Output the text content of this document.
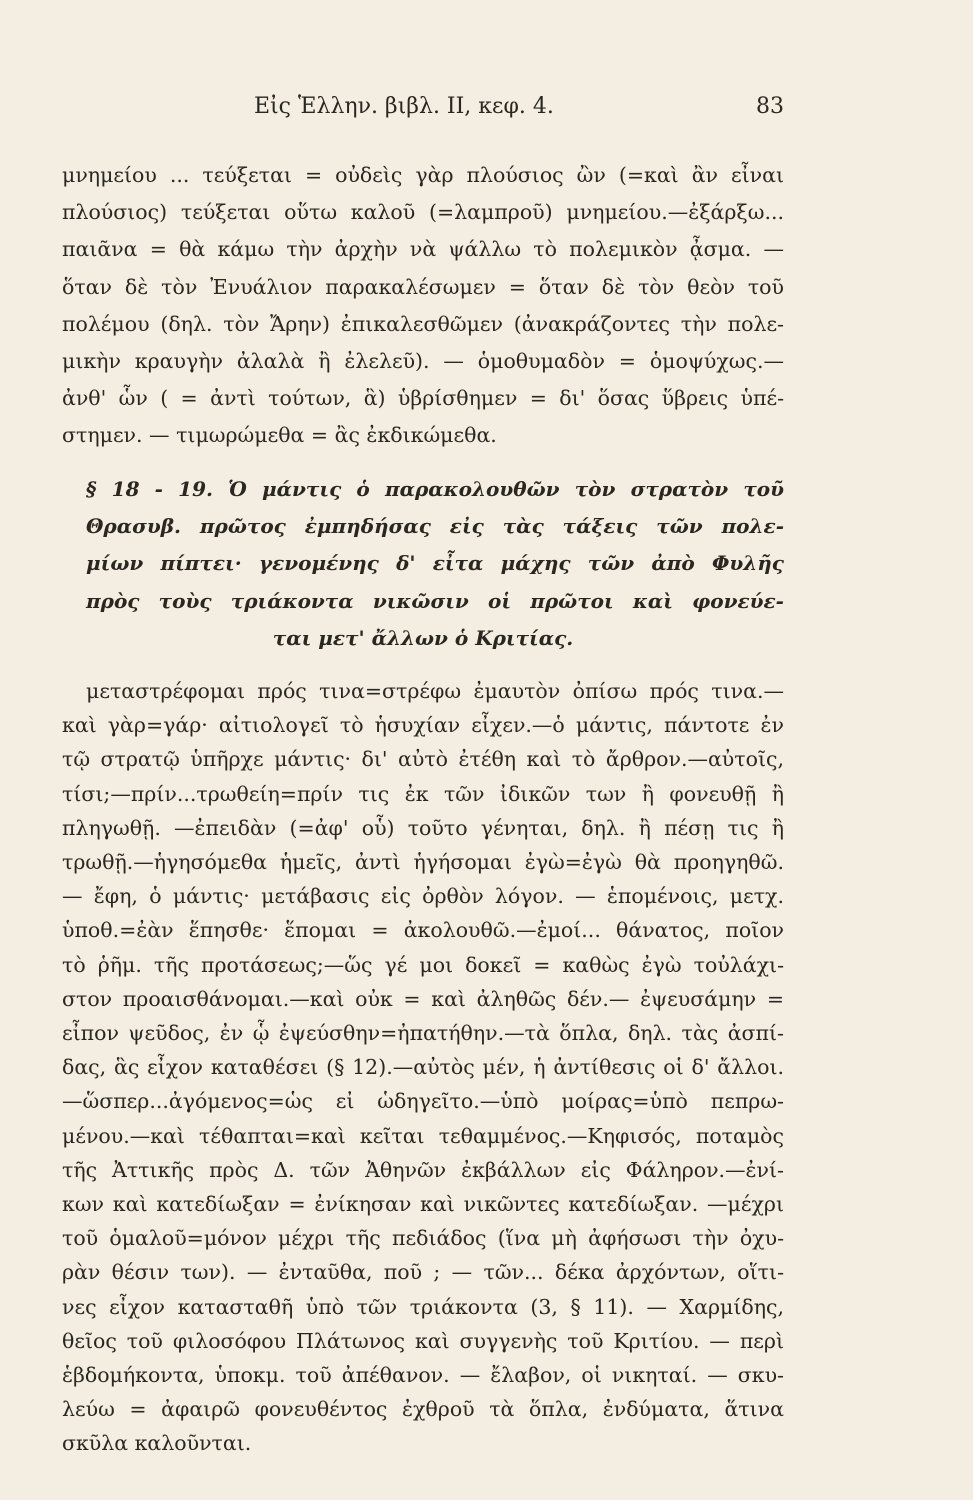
Εἰς Ἑλλην. βιβλ. II, κεφ. 4.	83
μνημείου ... τεύξεται = οὐδεὶς γὰρ πλούσιος ὢν (=καὶ ἂν εἶναι
πλούσιος) τεύξεται οὕτω καλοῦ (=λαμπροῦ) μνημείου.—ἐξάρξω...
παιᾶνα = θὰ κάμω τὴν ἀρχὴν νὰ ψάλλω τὸ πολεμικὸν ᾆσμα. —
ὅταν δὲ τὸν Ἐνυάλιον παρακαλέσωμεν = ὅταν δὲ τὸν θεὸν τοῦ
πολέμου (δηλ. τὸν Ἄρην) ἐπικαλεσθῶμεν (ἀνακράζοντες τὴν πολε-
μικὴν κραυγὴν ἀλαλὰ ἢ ἐλελεῦ). — ὁμοθυμαδὸν = ὁμοψύχως.—
ἀνθ' ὧν ( = ἀντὶ τούτων, ἃ) ὑβρίσθημεν = δι' ὅσας ὕβρεις ὑπέ-
στημεν. — τιμωρώμεθα = ἂς ἐκδικώμεθα.
§ 18 - 19. Ὁ μάντις ὁ παρακολουθῶν τὸν στρατὸν τοῦ
Θρασυβ. πρῶτος ἐμπηδήσας εἰς τὰς τάξεις τῶν πολε-
μίων πίπτει· γενομένης δ' εἶτα μάχης τῶν ἀπὸ Φυλῆς
πρὸς τοὺς τριάκοντα νικῶσιν οἱ πρῶτοι καὶ φονεύε-
ται μετ' ἄλλων ὁ Κριτίας.
μεταστρέφομαι πρός τινα=στρέφω ἐμαυτὸν ὀπίσω πρός τινα.—
καὶ γὰρ=γάρ· αἰτιολογεῖ τὸ ἡσυχίαν εἶχεν.—ὁ μάντις, πάντοτε ἐν
τῷ στρατῷ ὑπῆρχε μάντις· δι' αὐτὸ ἐτέθη καὶ τὸ ἄρθρον.—αὐτοῖς,
τίσι;—πρίν...τρωθείη=πρίν τις ἐκ τῶν ἰδικῶν των ἢ φονευθῇ ἢ
πληγωθῇ. —ἐπειδὰν (=ἀφ' οὗ) τοῦτο γένηται, δηλ. ἢ πέσῃ τις ἢ
τρωθῇ.—ἡγησόμεθα ἡμεῖς, ἀντὶ ἡγήσομαι ἐγὼ=ἐγὼ θὰ προηγηθῶ.
— ἔφη, ὁ μάντις· μετάβασις εἰς ὀρθὸν λόγον. — ἑπομένοις, μετχ.
ὑποθ.=ἐὰν ἕπησθε· ἕπομαι = ἀκολουθῶ.—ἐμοί... θάνατος, ποῖον
τὸ ῥῆμ. τῆς προτάσεως;—ὥς γέ μοι δοκεῖ = καθὼς ἐγὼ τοὐλάχι-
στον προαισθάνομαι.—καὶ οὐκ = καὶ ἀληθῶς δέν.— ἐψευσάμην =
εἶπον ψεῦδος, ἐν ᾧ ἐψεύσθην=ἠπατήθην.—τὰ ὅπλα, δηλ. τὰς ἀσπί-
δας, ἃς εἶχον καταθέσει (§ 12).—αὐτὸς μέν, ἡ ἀντίθεσις οἱ δ' ἄλλοι.
—ὥσπερ...ἀγόμενος=ὡς εἰ ὡδηγεῖτο.—ὑπὸ μοίρας=ὑπὸ πεπρω-
μένου.—καὶ τέθαπται=καὶ κεῖται τεθαμμένος.—Κηφισός, ποταμὸς
τῆς Ἀττικῆς πρὸς Δ. τῶν Ἀθηνῶν ἐκβάλλων εἰς Φάληρον.—ἐνί-
κων καὶ κατεδίωξαν = ἐνίκησαν καὶ νικῶντες κατεδίωξαν. —μέχρι
τοῦ ὁμαλοῦ=μόνον μέχρι τῆς πεδιάδος (ἵνα μὴ ἀφήσωσι τὴν ὀχυ-
ρὰν θέσιν των). — ἐνταῦθα, ποῦ ; — τῶν... δέκα ἀρχόντων, οἵτι-
νες εἶχον κατασταθῆ ὑπὸ τῶν τριάκοντα (3, § 11). — Χαρμίδης,
θεῖος τοῦ φιλοσόφου Πλάτωνος καὶ συγγενὴς τοῦ Κριτίου. — περὶ
ἑβδομήκοντα, ὑποκμ. τοῦ ἀπέθανον. — ἔλαβον, οἱ νικηταί. — σκυ-
λεύω = ἀφαιρῶ φονευθέντος ἐχθροῦ τὰ ὅπλα, ἐνδύματα, ἅτινα
σκῦλα καλοῦνται.
